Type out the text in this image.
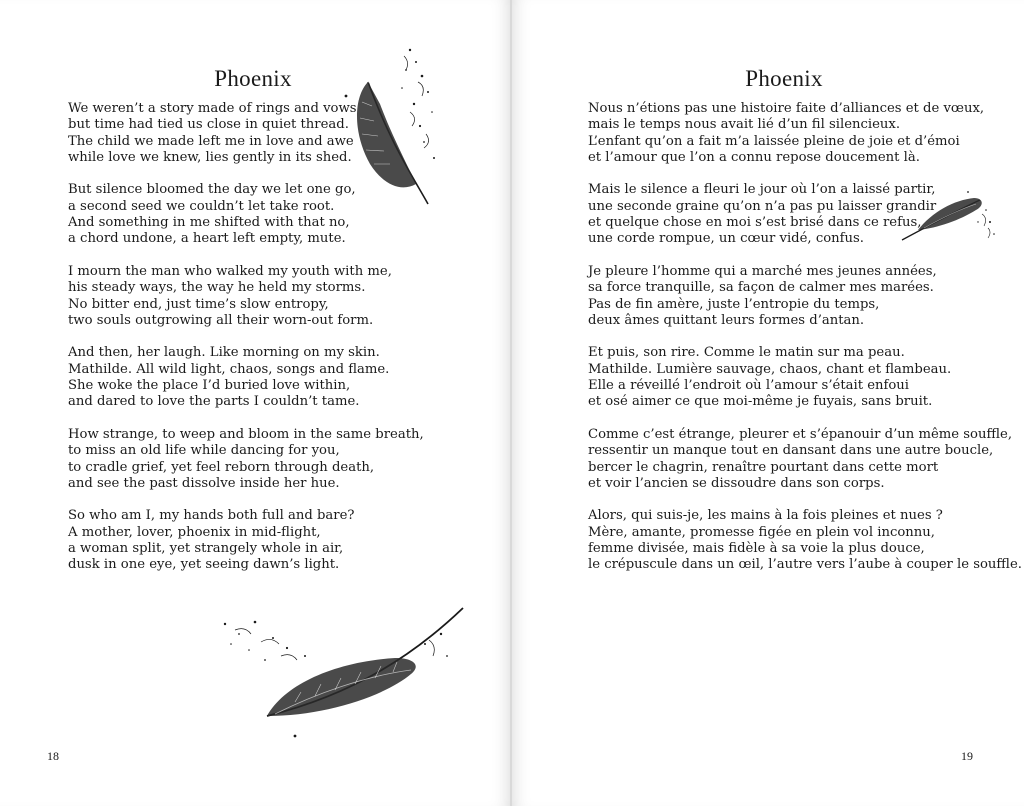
Phoenix

We weren’t a story made of rings and vows
but time had tied us close in quiet thread.
The child we made left me in love and awe
while love we knew, lies gently in its shed.

But silence bloomed the day we let one go,
a second seed we couldn’t let take root.
And something in me shifted with that no,
a chord undone, a heart left empty, mute.

I mourn the man who walked my youth with me,
his steady ways, the way he held my storms.
No bitter end, just time’s slow entropy,
two souls outgrowing all their worn-out form.

And then, her laugh. Like morning on my skin.
Mathilde. All wild light, chaos, songs and flame.
She woke the place I’d buried love within,
and dared to love the parts I couldn’t tame.

How strange, to weep and bloom in the same breath,
to miss an old life while dancing for you,
to cradle grief, yet feel reborn through death,
and see the past dissolve inside her hue.

So who am I, my hands both full and bare?
A mother, lover, phoenix in mid-flight,
a woman split, yet strangely whole in air,
dusk in one eye, yet seeing dawn’s light.

18
Phoenix

Nous n’étions pas une histoire faite d’alliances et de vœux,
mais le temps nous avait lié d’un fil silencieux.
L’enfant qu’on a fait m’a laissée pleine de joie et d’émoi
et l’amour que l’on a connu repose doucement là.

Mais le silence a fleuri le jour où l’on a laissé partir,
une seconde graine qu’on n’a pas pu laisser grandir
et quelque chose en moi s’est brisé dans ce refus,
une corde rompue, un cœur vidé, confus.

Je pleure l’homme qui a marché mes jeunes années,
sa force tranquille, sa façon de calmer mes marées.
Pas de fin amère, juste l’entropie du temps,
deux âmes quittant leurs formes d’antan.

Et puis, son rire. Comme le matin sur ma peau.
Mathilde. Lumière sauvage, chaos, chant et flambeau.
Elle a réveillé l’endroit où l’amour s’était enfoui
et osé aimer ce que moi-même je fuyais, sans bruit.

Comme c’est étrange, pleurer et s’épanouir d’un même souffle,
ressentir un manque tout en dansant dans une autre boucle,
bercer le chagrin, renaître pourtant dans cette mort
et voir l’ancien se dissoudre dans son corps.

Alors, qui suis-je, les mains à la fois pleines et nues ?
Mère, amante, promesse figée en plein vol inconnu,
femme divisée, mais fidèle à sa voie la plus douce,
le crépuscule dans un œil, l’autre vers l’aube à couper le souffle.

19
